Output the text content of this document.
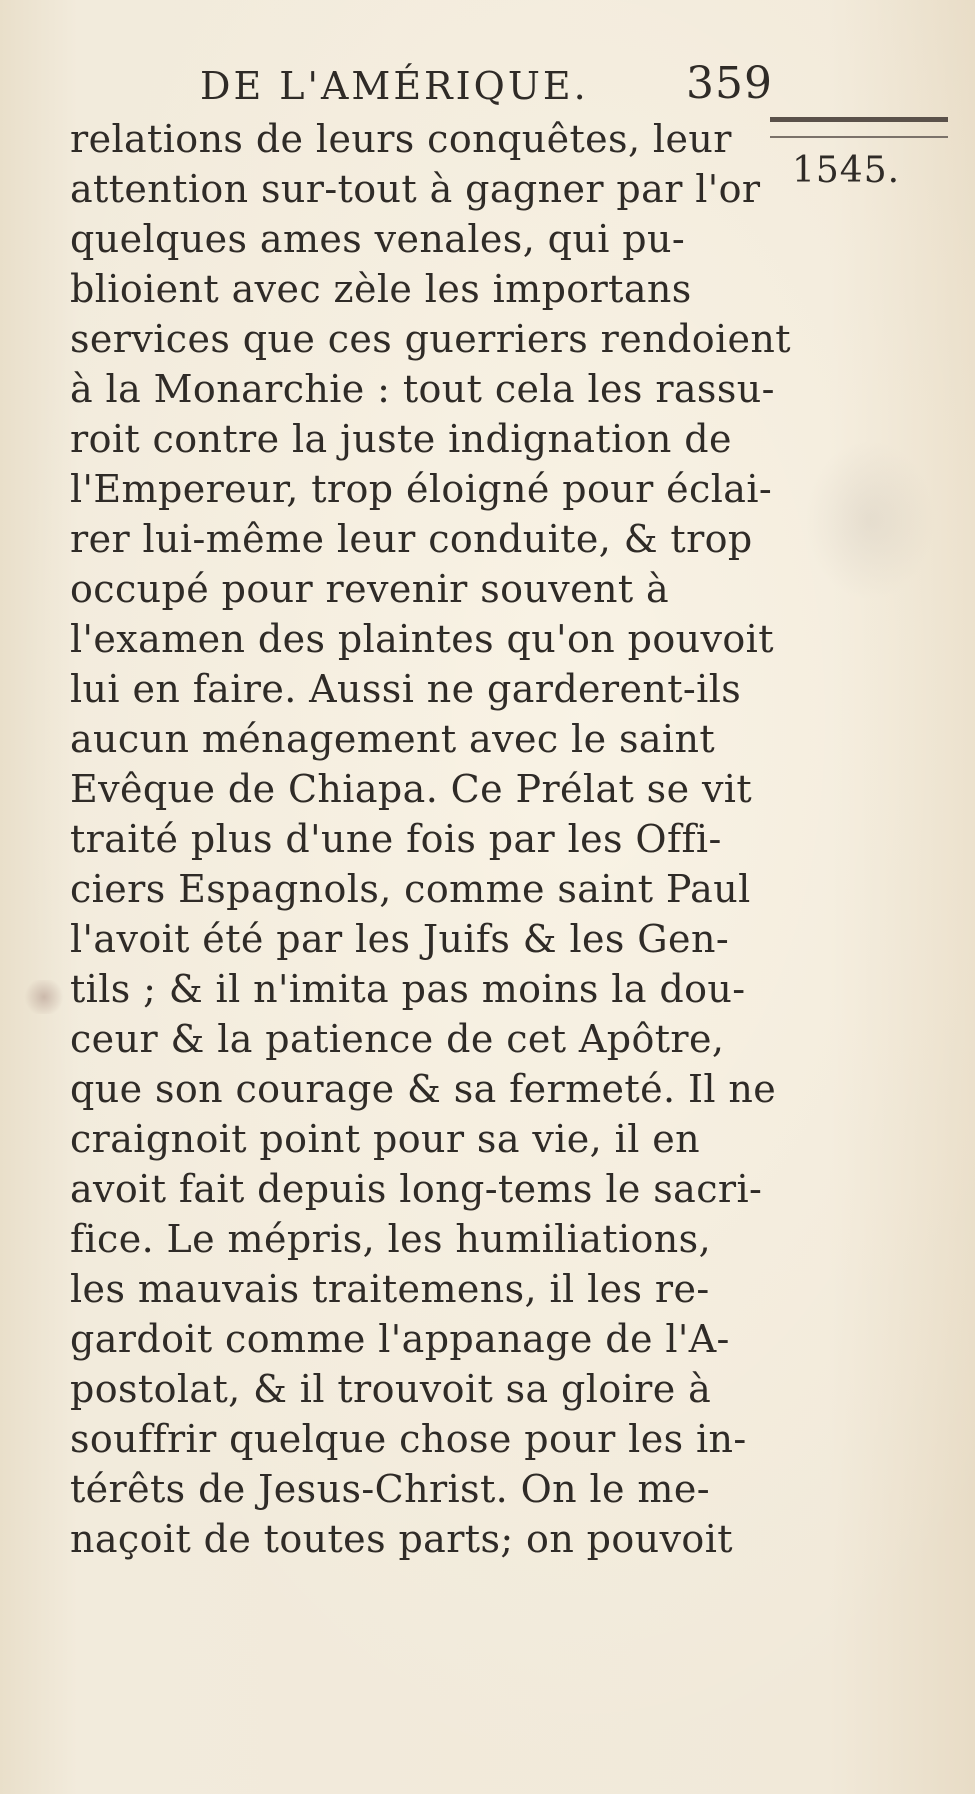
DE L'AMÉRIQUE. 359
1545.
relations de leurs conquêtes, leur
attention sur-tout à gagner par l'or
quelques ames venales, qui pu-
blioient avec zèle les importans
services que ces guerriers rendoient
à la Monarchie : tout cela les rassu-
roit contre la juste indignation de
l'Empereur, trop éloigné pour éclai-
rer lui-même leur conduite, & trop
occupé pour revenir souvent à
l'examen des plaintes qu'on pouvoit
lui en faire. Aussi ne garderent-ils
aucun ménagement avec le saint
Evêque de Chiapa. Ce Prélat se vit
traité plus d'une fois par les Offi-
ciers Espagnols, comme saint Paul
l'avoit été par les Juifs & les Gen-
tils ; & il n'imita pas moins la dou-
ceur & la patience de cet Apôtre,
que son courage & sa fermeté. Il ne
craignoit point pour sa vie, il en
avoit fait depuis long-tems le sacri-
fice. Le mépris, les humiliations,
les mauvais traitemens, il les re-
gardoit comme l'appanage de l'A-
postolat, & il trouvoit sa gloire à
souffrir quelque chose pour les in-
térêts de Jesus-Christ. On le me-
naçoit de toutes parts; on pouvoit
